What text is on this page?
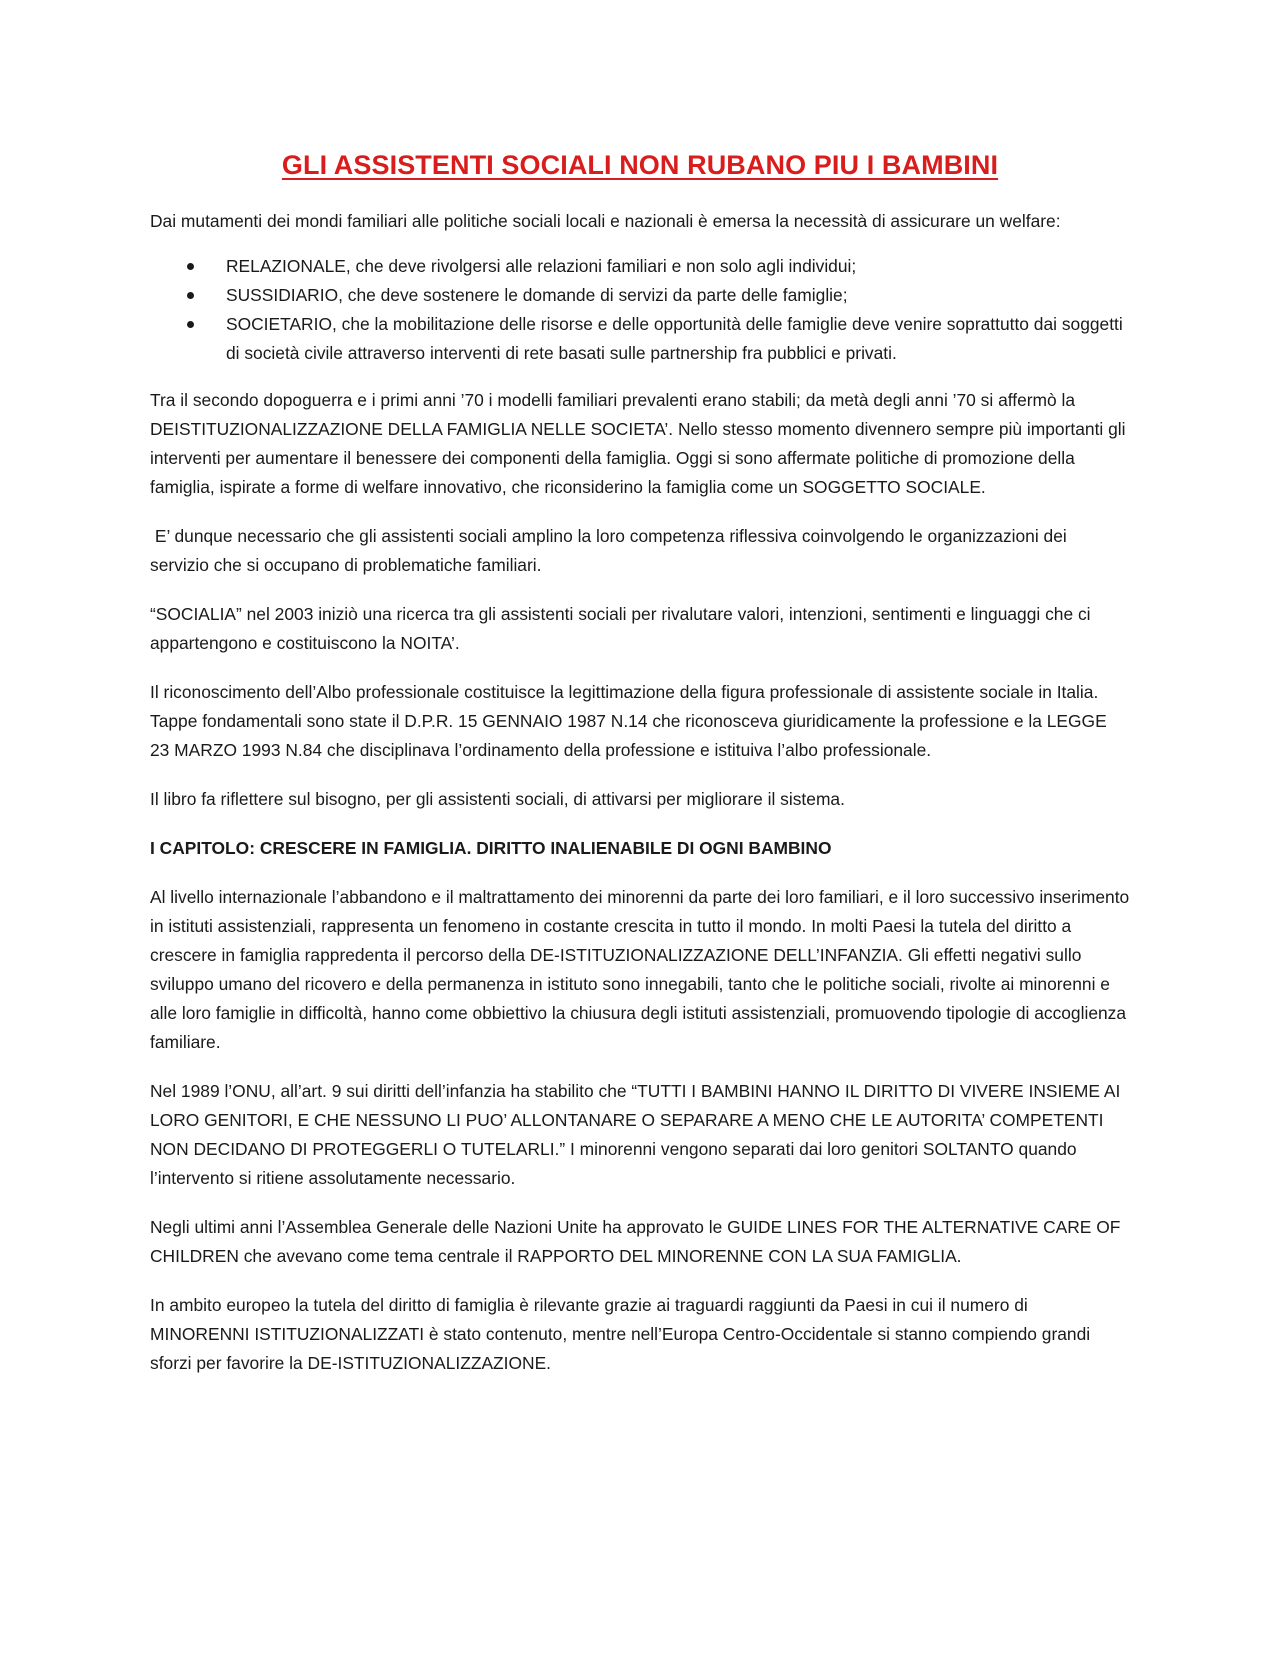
GLI ASSISTENTI SOCIALI NON RUBANO PIU I BAMBINI

Dai mutamenti dei mondi familiari alle politiche sociali locali e nazionali è emersa la necessità di assicurare un welfare:

RELAZIONALE, che deve rivolgersi alle relazioni familiari e non solo agli individui;
SUSSIDIARIO, che deve sostenere le domande di servizi da parte delle famiglie;
SOCIETARIO, che la mobilitazione delle risorse e delle opportunità delle famiglie deve venire soprattutto dai soggetti di società civile attraverso interventi di rete basati sulle partnership fra pubblici e privati.

Tra il secondo dopoguerra e i primi anni ’70 i modelli familiari prevalenti erano stabili; da metà degli anni ’70 si affermò la DEISTITUZIONALIZZAZIONE DELLA FAMIGLIA NELLE SOCIETA’. Nello stesso momento divennero sempre più importanti gli interventi per aumentare il benessere dei componenti della famiglia. Oggi si sono affermate politiche di promozione della famiglia, ispirate a forme di welfare innovativo, che riconsiderino la famiglia come un SOGGETTO SOCIALE.

E’ dunque necessario che gli assistenti sociali amplino la loro competenza riflessiva coinvolgendo le organizzazioni dei servizio che si occupano di problematiche familiari.

“SOCIALIA” nel 2003 iniziò una ricerca tra gli assistenti sociali per rivalutare valori, intenzioni, sentimenti e linguaggi che ci appartengono e costituiscono la NOITA’.

Il riconoscimento dell’Albo professionale costituisce la legittimazione della figura professionale di assistente sociale in Italia. Tappe fondamentali sono state il D.P.R. 15 GENNAIO 1987 N.14 che riconosceva giuridicamente la professione e la LEGGE 23 MARZO 1993 N.84 che disciplinava l’ordinamento della professione e istituiva l’albo professionale.

Il libro fa riflettere sul bisogno, per gli assistenti sociali, di attivarsi per migliorare il sistema.

I CAPITOLO: CRESCERE IN FAMIGLIA. DIRITTO INALIENABILE DI OGNI BAMBINO

Al livello internazionale l’abbandono e il maltrattamento dei minorenni da parte dei loro familiari, e il loro successivo inserimento in istituti assistenziali, rappresenta un fenomeno in costante crescita in tutto il mondo. In molti Paesi la tutela del diritto a crescere in famiglia rappredenta il percorso della DE-ISTITUZIONALIZZAZIONE DELL’INFANZIA. Gli effetti negativi sullo sviluppo umano del ricovero e della permanenza in istituto sono innegabili, tanto che le politiche sociali, rivolte ai minorenni e alle loro famiglie in difficoltà, hanno come obbiettivo la chiusura degli istituti assistenziali, promuovendo tipologie di accoglienza familiare.

Nel 1989 l’ONU, all’art. 9 sui diritti dell’infanzia ha stabilito che “TUTTI I BAMBINI HANNO IL DIRITTO DI VIVERE INSIEME AI LORO GENITORI, E CHE NESSUNO LI PUO’ ALLONTANARE O SEPARARE A MENO CHE LE AUTORITA’ COMPETENTI NON DECIDANO DI PROTEGGERLI O TUTELARLI.” I minorenni vengono separati dai loro genitori SOLTANTO quando l’intervento si ritiene assolutamente necessario.

Negli ultimi anni l’Assemblea Generale delle Nazioni Unite ha approvato le GUIDE LINES FOR THE ALTERNATIVE CARE OF CHILDREN che avevano come tema centrale il RAPPORTO DEL MINORENNE CON LA SUA FAMIGLIA.

In ambito europeo la tutela del diritto di famiglia è rilevante grazie ai traguardi raggiunti da Paesi in cui il numero di MINORENNI ISTITUZIONALIZZATI è stato contenuto, mentre nell’Europa Centro-Occidentale si stanno compiendo grandi sforzi per favorire la DE-ISTITUZIONALIZZAZIONE.
